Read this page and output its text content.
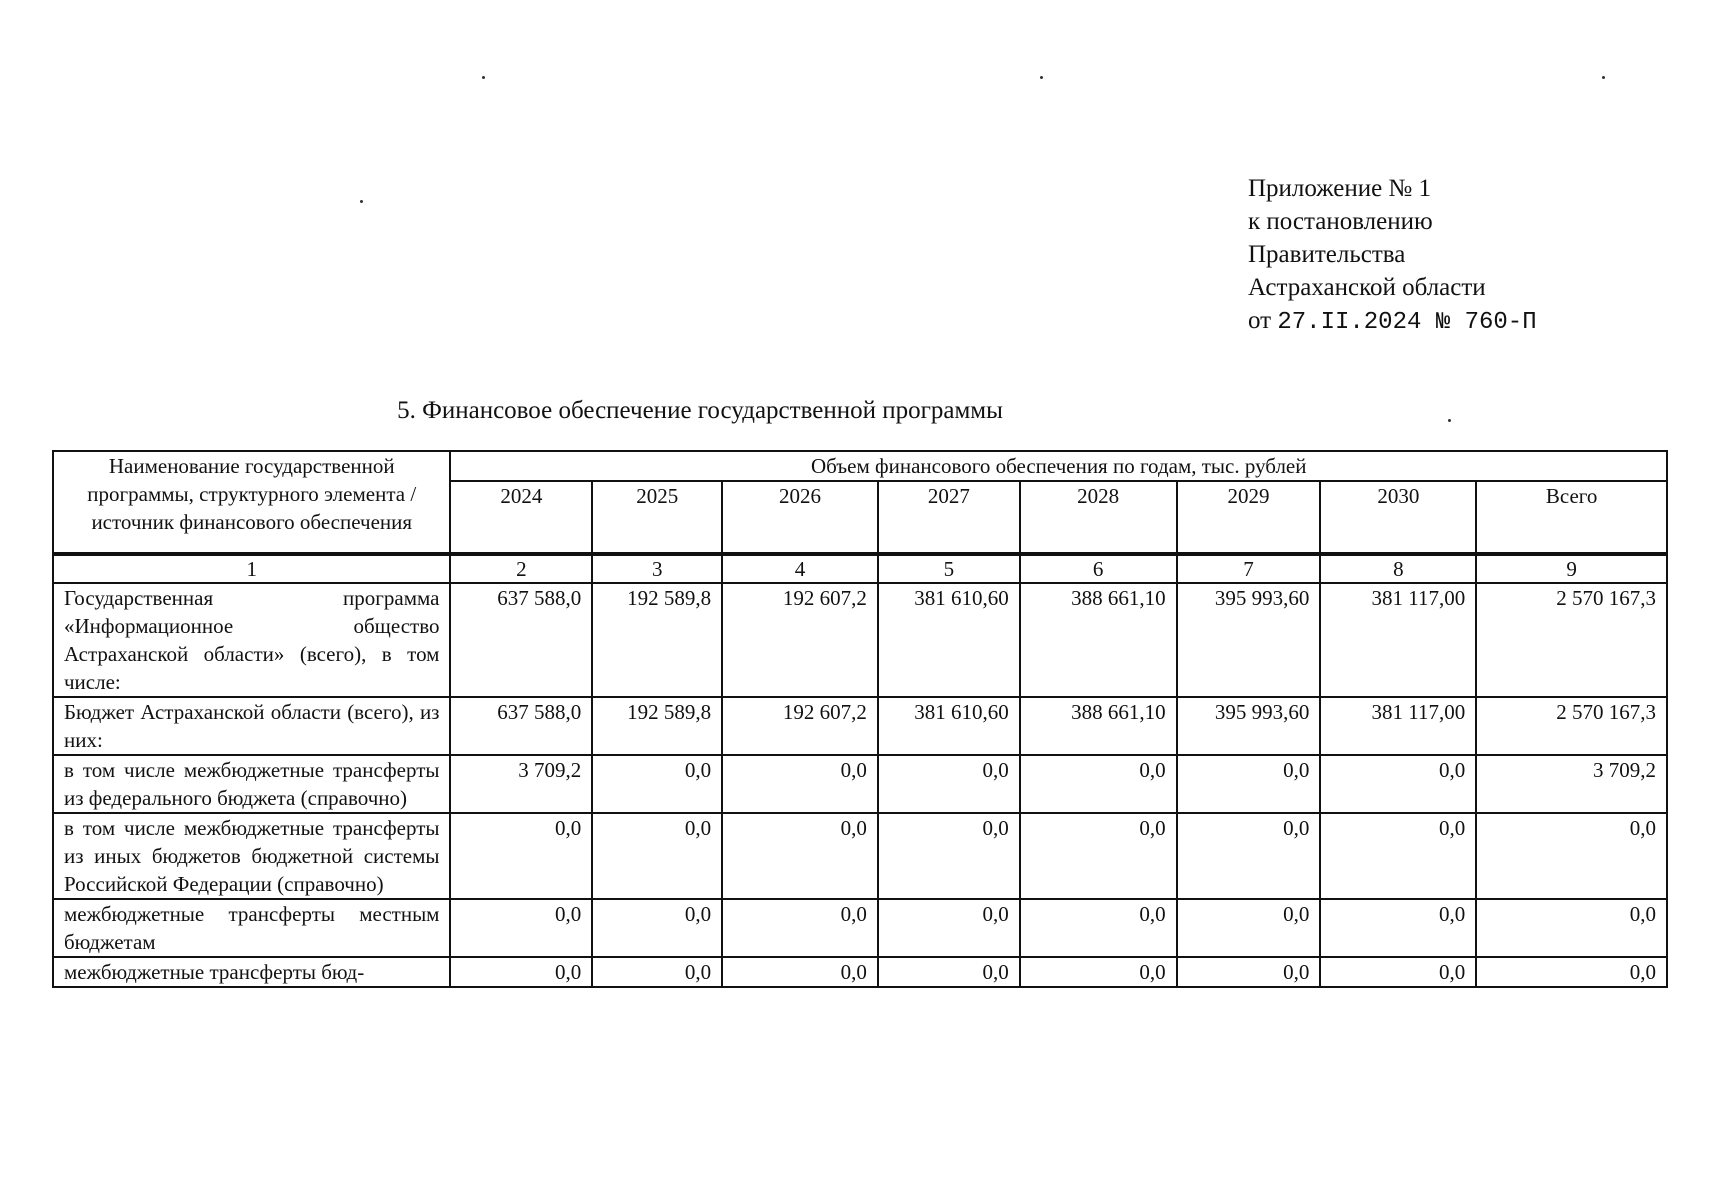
Приложение № 1
к постановлению
Правительства
Астраханской области
от 27.II.2024 № 760-П
5. Финансовое обеспечение государственной программы
Наименование государственной программы, структурного элемента / источник финансового обеспечения	Объем финансового обеспечения по годам, тыс. рублей							
	2024	2025	2026	2027	2028	2029	2030	Всего
1	2	3	4	5	6	7	8	9
Государственная программа «Информационное общество Астраханской области» (всего), в том числе:	637 588,0	192 589,8	192 607,2	381 610,60	388 661,10	395 993,60	381 117,00	2 570 167,3
Бюджет Астраханской области (всего), из них:	637 588,0	192 589,8	192 607,2	381 610,60	388 661,10	395 993,60	381 117,00	2 570 167,3
в том числе межбюджетные трансферты из федерального бюджета (справочно)	3 709,2	0,0	0,0	0,0	0,0	0,0	0,0	3 709,2
в том числе межбюджетные трансферты из иных бюджетов бюджетной системы Российской Федерации (справочно)	0,0	0,0	0,0	0,0	0,0	0,0	0,0	0,0
межбюджетные трансферты местным бюджетам	0,0	0,0	0,0	0,0	0,0	0,0	0,0	0,0
межбюджетные трансферты бюд-	0,0	0,0	0,0	0,0	0,0	0,0	0,0	0,0
